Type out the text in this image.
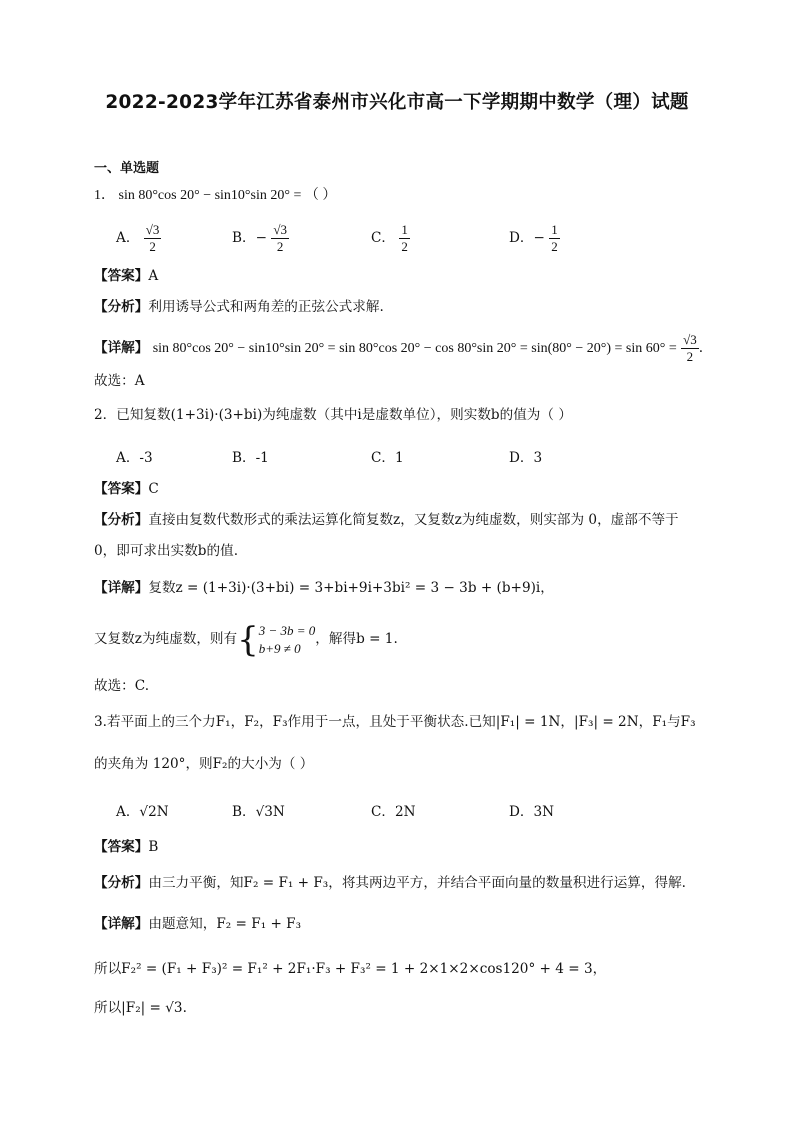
2022-2023学年江苏省泰州市兴化市高一下学期期中数学（理）试题
一、单选题
1． sin 80°cos 20° − sin10°sin 20° = （ ）
A． $\frac{√3}{2}$	B．− $\frac{√3}{2}$	C． $\frac{1}{2}$	D．− $\frac{1}{2}$
【答案】A
【分析】利用诱导公式和两角差的正弦公式求解.
【详解】 sin 80°cos 20° − sin10°sin 20° = sin 80°cos 20° − cos 80°sin $20^\circ = \sin(80^\circ - 20^\circ) = \sin 60^\circ = \frac{√3}{2}$ .
故选：A
2．已知复数(1+3i)·(3+bi)为纯虚数（其中i是虚数单位），则实数b的值为（ ）
A．-3	B．-1	C．1	D．3
【答案】C
【分析】直接由复数代数形式的乘法运算化简复数z，又复数z为纯虚数，则实部为 0，虚部不等于
0，即可求出实数b的值.
【详解】复数z = (1+3i)·(3+bi) = 3+bi+9i+3bi² = 3 − 3b + (b+9)i，
又复数z为纯虚数，则有{ 3 − 3b = 0
b+9 ≠ 0
，解得b = 1.
故选：C.
3.若平面上的三个力F₁，F₂，F₃作用于一点，且处于平衡状态.已知|F₁| = 1N，|F₃| = 2N，F₁与F₃
的夹角为 120°，则F₂的大小为（ ）
A．√2N	B．√3N	C．2N	D．3N
【答案】B
【分析】由三力平衡，知F₂ = F₁ + F₃，将其两边平方，并结合平面向量的数量积进行运算，得解.
【详解】由题意知，F₂ = F₁ + F₃
所以F₂² = (F₁ + F₃)² = F₁² + 2F₁·F₃ + F₃² = 1 + 2×1×2×cos120° + 4 = 3，
所以|F₂| = √3.
